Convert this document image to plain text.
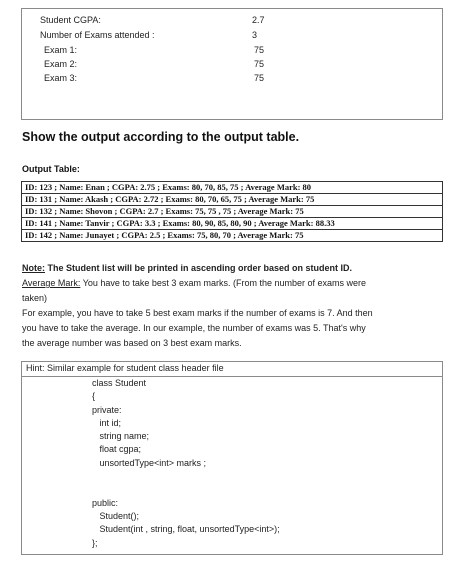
Student CGPA:	2.7
Number of Exams attended :	3
Exam 1:	75
Exam 2:	75
Exam 3:	75
Show the output according to the output table.
Output Table:
ID: 123 ; Name: Enan ; CGPA: 2.75 ; Exams: 80, 70, 85, 75 ; Average Mark: 80
ID: 131 ; Name: Akash ; CGPA: 2.72 ; Exams: 80, 70, 65, 75 ; Average Mark: 75
ID: 132 ; Name: Shovon ; CGPA: 2.7 ; Exams: 75, 75 , 75 ; Average Mark: 75
ID: 141 ; Name: Tanvir ; CGPA: 3.3 ; Exams: 80, 90, 85, 80, 90 ; Average Mark: 88.33
ID: 142 ; Name: Junayet ; CGPA: 2.5 ; Exams: 75, 80, 70 ; Average Mark: 75
Note: The Student list will be printed in ascending order based on student ID.
Average Mark: You have to take best 3 exam marks. (From the number of exams were
taken)
For example, you have to take 5 best exam marks if the number of exams is 7. And then
you have to take the average. In our example, the number of exams was 5. That's why
the average number was based on 3 best exam marks.
Hint: Similar example for student class header file
class Student
{
private:
int id;
string name;
float cgpa;
unsortedType<int> marks ;
public:
Student();
Student(int , string, float, unsortedType<int>);
};
